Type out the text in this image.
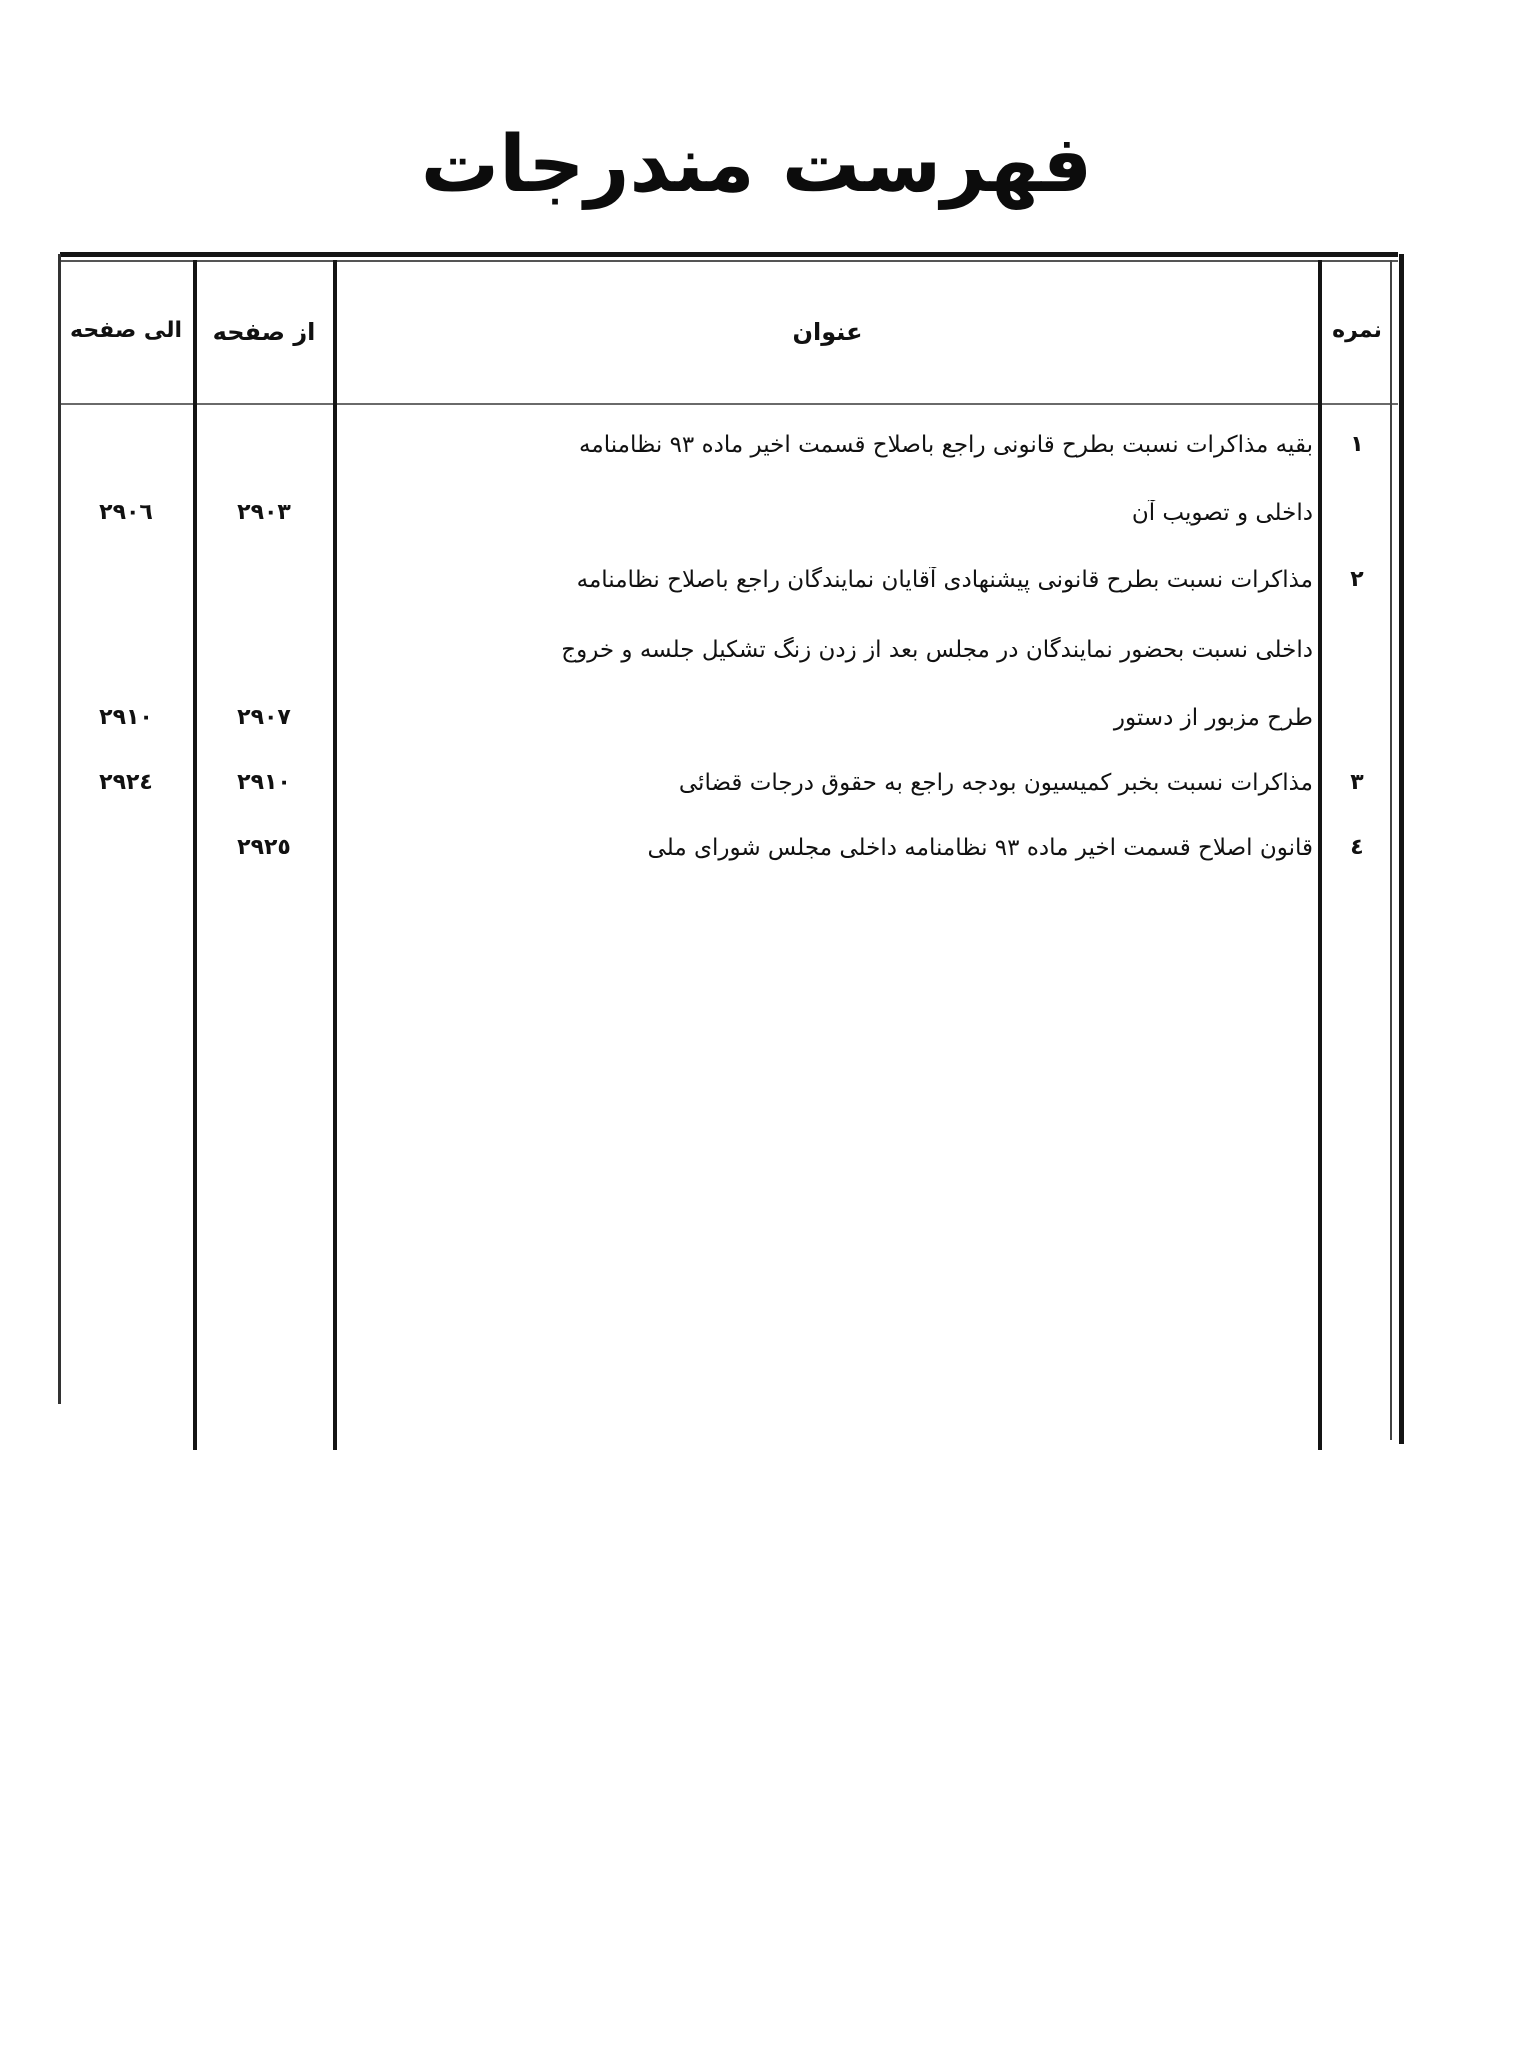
فهرست مندرجات
نمره
عنوان
از صفحه
الی صفحه
١
بقیه مذاکرات نسبت بطرح قانونی راجع باصلاح قسمت اخیر ماده ٩٣ نظامنامه
داخلی و تصویب آن
٢٩٠٣
٢٩٠٦
٢
مذاکرات نسبت بطرح قانونی پیشنهادی آقایان نمایندگان راجع باصلاح نظامنامه
داخلی نسبت بحضور نمایندگان در مجلس بعد از زدن زنگ تشکیل جلسه و خروج
طرح مزبور از دستور
٢٩٠٧
٢٩١٠
٣
مذاکرات نسبت بخبر کمیسیون بودجه راجع به حقوق درجات قضائی
٢٩١٠
٢٩٢٤
٤
قانون اصلاح قسمت اخیر ماده ٩٣ نظامنامه داخلی مجلس شورای ملی
٢٩٢٥
